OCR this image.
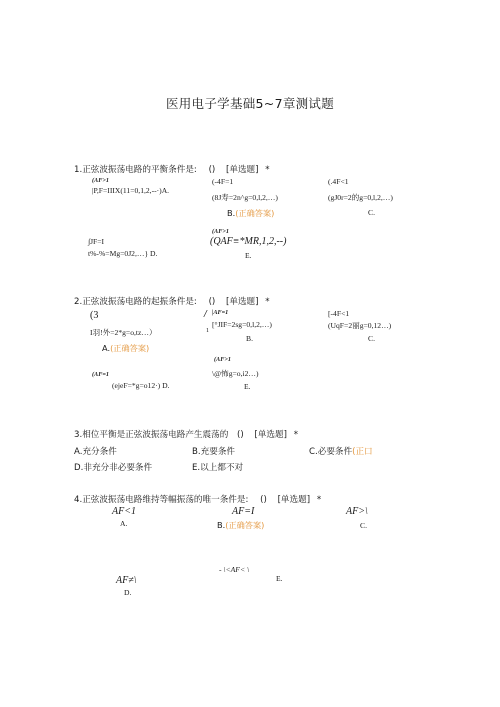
医用电子学基础5~7章测试题
1.正弦波振荡电路的平衡条件是: () [单选题] *
(AF>1
|P,F=IIIX(11=0,1,2,--·)A.
(-4F=1
(8J寿=2n^g=0,l,2,…)
B.(正确答案)
(.4F<1
(gJ0r=2的g=0,l,2,…)
C.
∫JF=I
t%-%=Mg=0J2,…} D.
(AF>1
(QAF≡*MR,1,2,--)
E.
2.正弦波振荡电路的起振条件是: () [单选题] *
(3
I羽!外=2*g=o,tz…）
A.(正确答案)
/
1
|AF=1
[°JIF=2sg=0,l,2,…)
B.
[-4F<1
(UqF=2丽g=0,12…)
C.
(AF=1
(ejeF=*g=o12·) D.
(AF>1
\@怖g=o,i2…)
E.
3.相位平衡是正弦波振荡电路产生震荡的 () [单选题] *
A.充分条件	B.充要条件	C.必要条件(正口
D.非充分非必要条件	E.以上都不对
4.正弦波振荡电路维持等幅振荡的唯一条件是: () [单选题] *
AF<1
A.
AF=I
B.(正确答案)
AF>\
C.
- \<AF< \
E.
AF≠\
D.
